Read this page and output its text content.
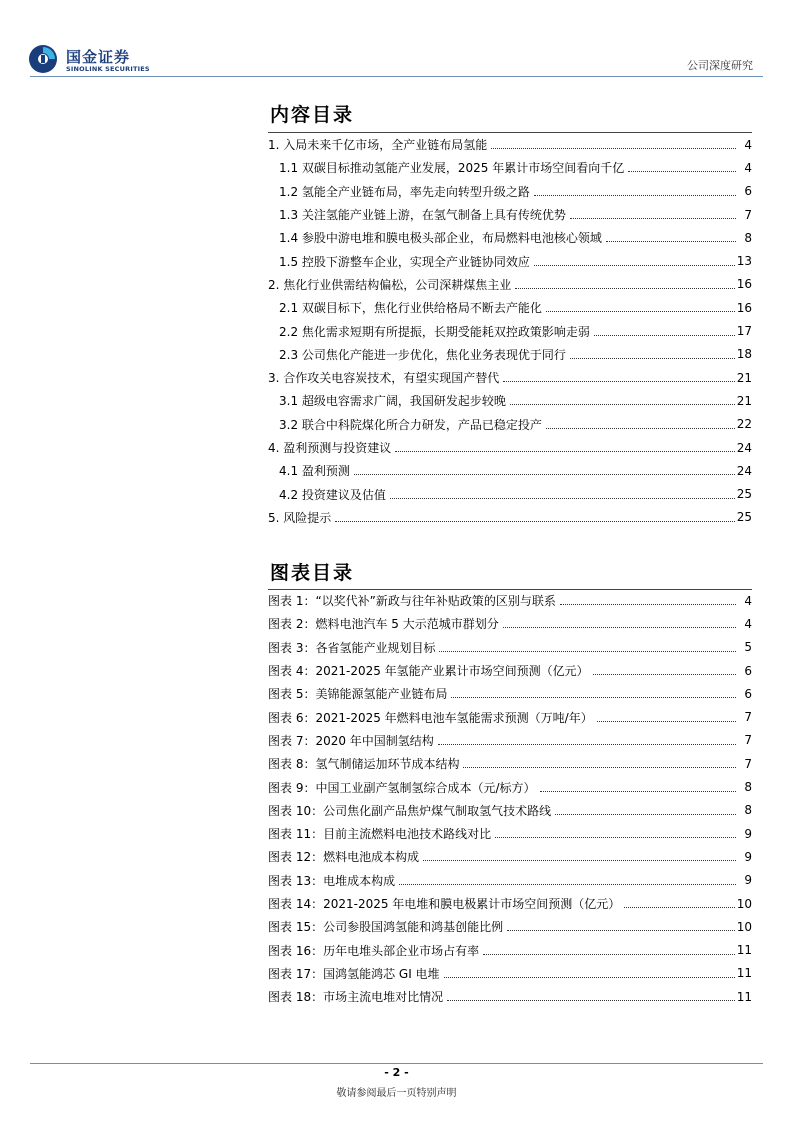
国金证券
SINOLINK SECURITIES	公司深度研究
内容目录
1. 入局未来千亿市场，全产业链布局氢能	4
1.1 双碳目标推动氢能产业发展，2025 年累计市场空间看向千亿	4
1.2 氢能全产业链布局，率先走向转型升级之路	6
1.3 关注氢能产业链上游，在氢气制备上具有传统优势	7
1.4 参股中游电堆和膜电极头部企业，布局燃料电池核心领域	8
1.5 控股下游整车企业，实现全产业链协同效应	13
2. 焦化行业供需结构偏松，公司深耕煤焦主业	16
2.1 双碳目标下，焦化行业供给格局不断去产能化	16
2.2 焦化需求短期有所提振，长期受能耗双控政策影响走弱	17
2.3 公司焦化产能进一步优化，焦化业务表现优于同行	18
3. 合作攻关电容炭技术，有望实现国产替代	21
3.1 超级电容需求广阔，我国研发起步较晚	21
3.2 联合中科院煤化所合力研发，产品已稳定投产	22
4. 盈利预测与投资建议	24
4.1 盈利预测	24
4.2 投资建议及估值	25
5. 风险提示	25
图表目录
图表 1：“以奖代补”新政与往年补贴政策的区别与联系	4
图表 2：燃料电池汽车 5 大示范城市群划分	4
图表 3：各省氢能产业规划目标	5
图表 4：2021-2025 年氢能产业累计市场空间预测（亿元）	6
图表 5：美锦能源氢能产业链布局	6
图表 6：2021-2025 年燃料电池车氢能需求预测（万吨/年）	7
图表 7：2020 年中国制氢结构	7
图表 8：氢气制储运加环节成本结构	7
图表 9：中国工业副产氢制氢综合成本（元/标方）	8
图表 10：公司焦化副产品焦炉煤气制取氢气技术路线	8
图表 11：目前主流燃料电池技术路线对比	9
图表 12：燃料电池成本构成	9
图表 13：电堆成本构成	9
图表 14：2021-2025 年电堆和膜电极累计市场空间预测（亿元）	10
图表 15：公司参股国鸿氢能和鸿基创能比例	10
图表 16：历年电堆头部企业市场占有率	11
图表 17：国鸿氢能鸿芯 GI 电堆	11
图表 18：市场主流电堆对比情况	11
- 2 -
敬请参阅最后一页特别声明
